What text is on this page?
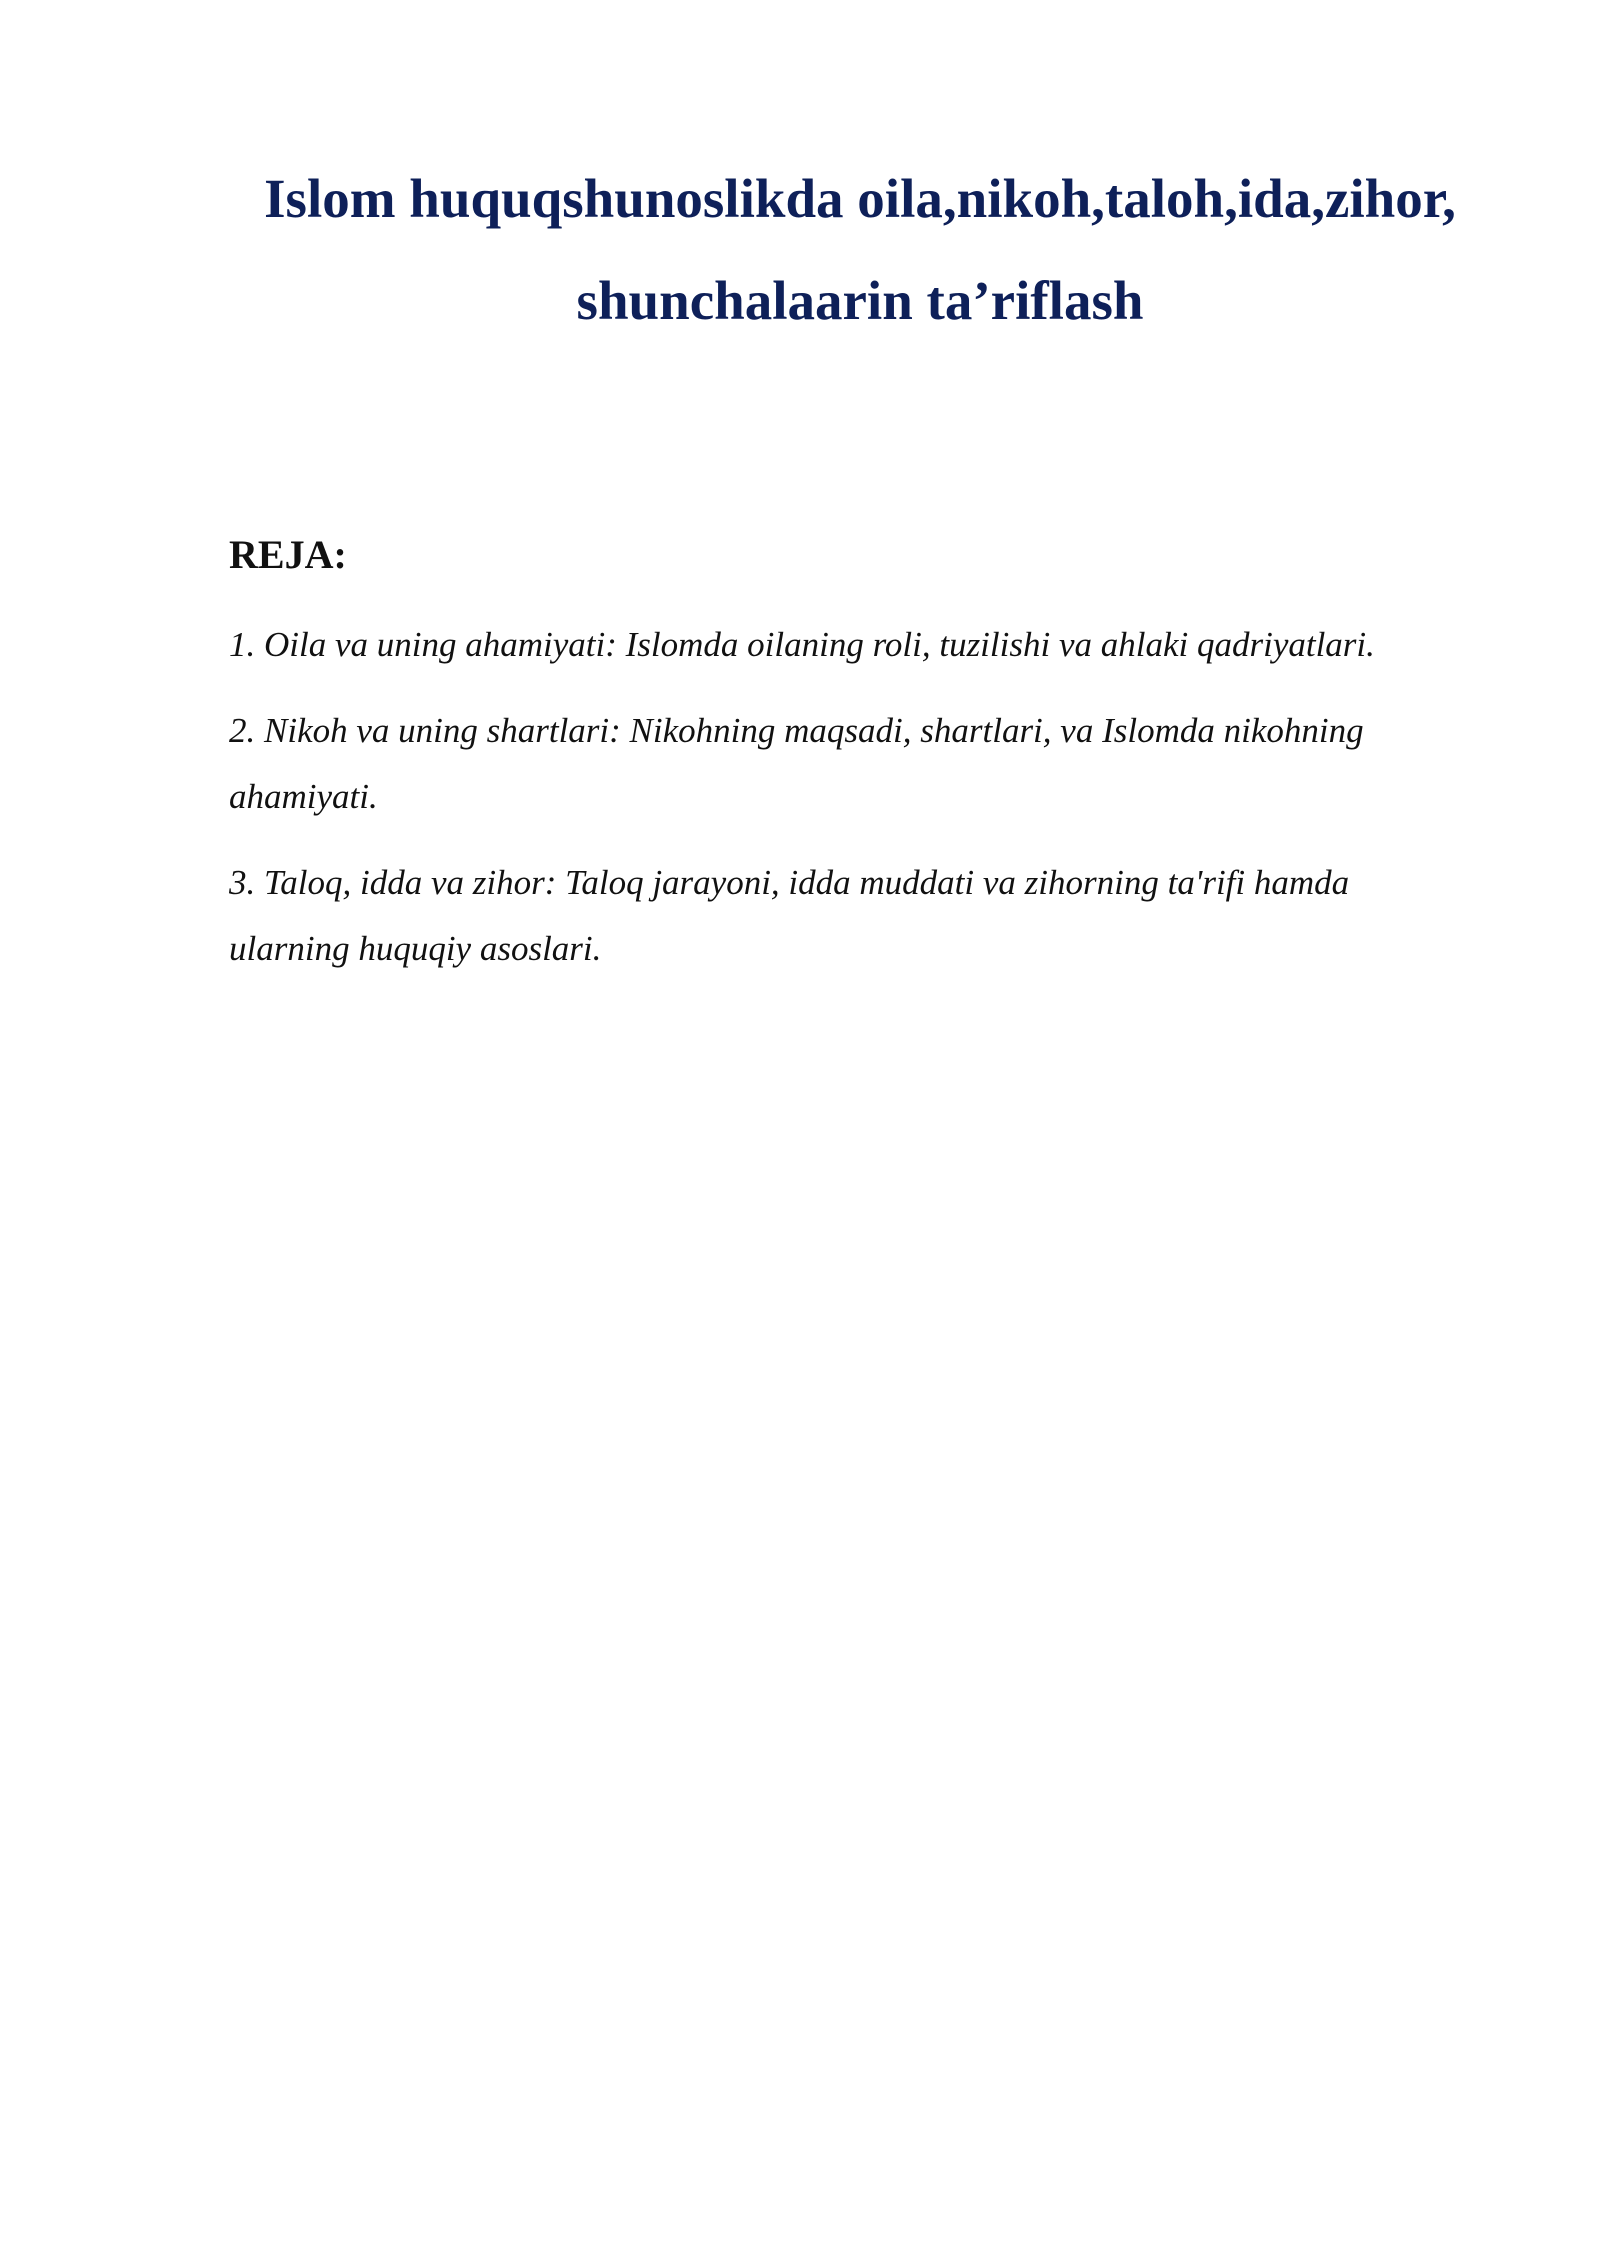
Islom huquqshunoslikda oila,nikoh,taloh,ida,zihor,
shunchalaarin ta’riflash

REJA:

1. Oila va uning ahamiyati: Islomda oilaning roli, tuzilishi va ahlaki qadriyatlari.

2. Nikoh va uning shartlari: Nikohning maqsadi, shartlari, va Islomda nikohning ahamiyati.

3. Taloq, idda va zihor: Taloq jarayoni, idda muddati va zihorning ta'rifi hamda ularning huquqiy asoslari.
